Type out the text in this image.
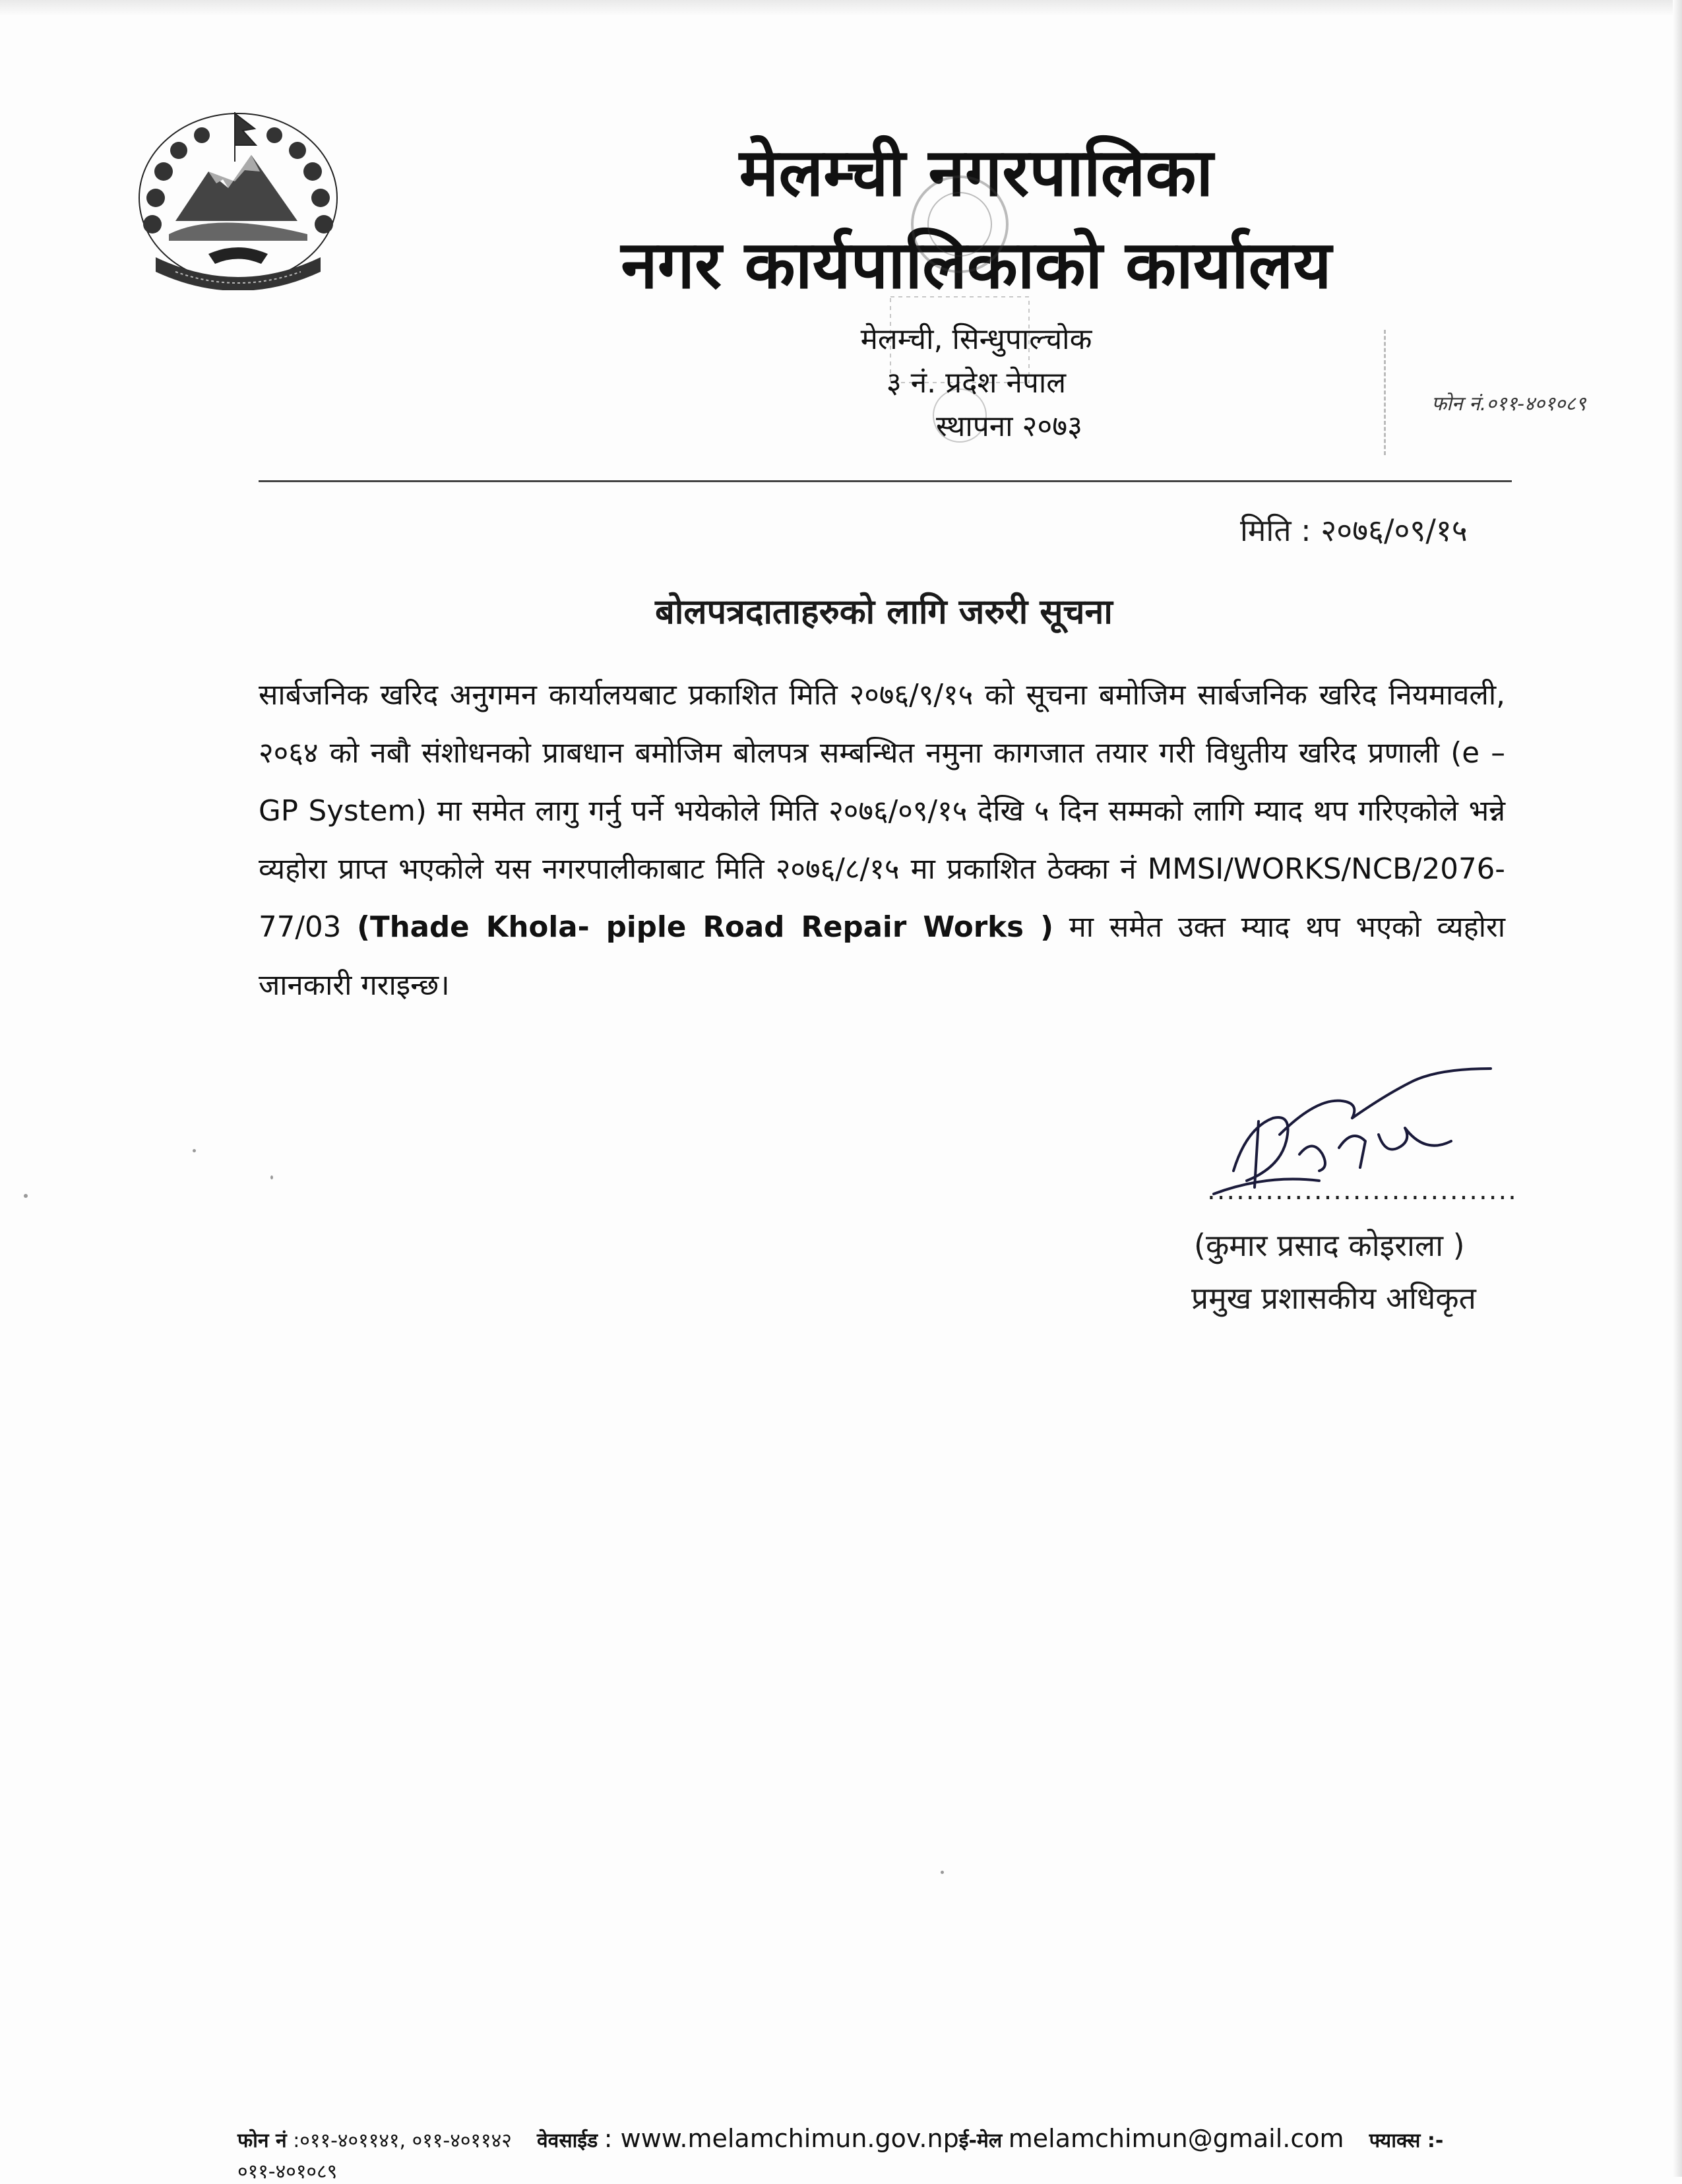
मेलम्ची नगरपालिका
नगर कार्यपालिकाको कार्यालय
मेलम्ची, सिन्धुपाल्चोक
३ नं. प्रदेश नेपाल
स्थापना २०७३
फोन नं.०११-४०१०८९
मिति : २०७६/०९/१५
बोलपत्रदाताहरुको लागि जरुरी सूचना
सार्बजनिक खरिद अनुगमन कार्यालयबाट प्रकाशित मिति २०७६/९/१५ को सूचना बमोजिम सार्बजनिक खरिद नियमावली, २०६४ को नबौ संशोधनको प्राबधान बमोजिम बोलपत्र सम्बन्धित नमुना कागजात तयार गरी विधुतीय खरिद प्रणाली (e –GP System) मा समेत लागु गर्नु पर्ने भयेकोले मिति २०७६/०९/१५ देखि ५ दिन सम्मको लागि म्याद थप गरिएकोले भन्ने व्यहोरा प्राप्त भएकोले यस नगरपालीकाबाट मिति २०७६/८/१५ मा प्रकाशित ठेक्का नं MMSI/WORKS/NCB/2076-77/03 (Thade Khola- piple Road Repair Works ) मा समेत उक्त म्याद थप भएको व्यहोरा जानकारी गराइन्छ।
................................
(कुमार प्रसाद कोइराला )
प्रमुख प्रशासकीय अधिकृत
फोन नं :०११-४०११४१, ०११-४०११४२ वेवसाईड : www.melamchimun.gov.npई-मेल melamchimun@gmail.com फ्याक्स :-
०११-४०१०८९
